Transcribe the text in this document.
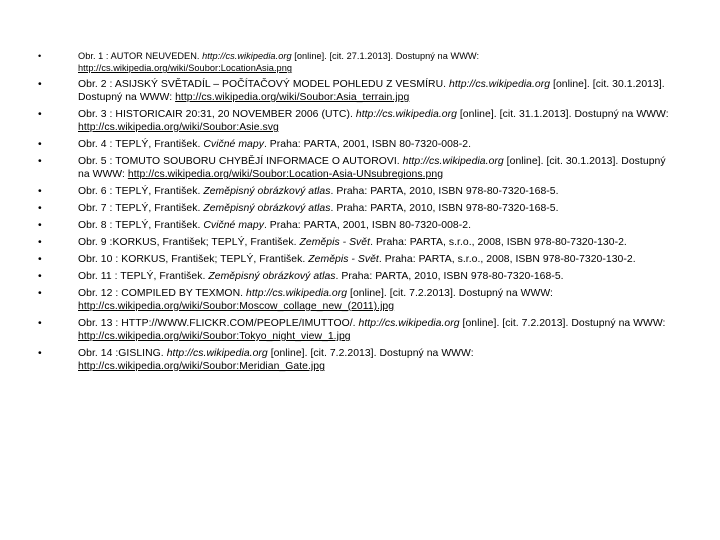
•	Obr. 1 : AUTOR NEUVEDEN. http://cs.wikipedia.org [online]. [cit. 27.1.2013]. Dostupný na WWW: http://cs.wikipedia.org/wiki/Soubor:LocationAsia.png
•	Obr. 2 : ASIJSKÝ SVĚTADÍL – POČÍTAČOVÝ MODEL POHLEDU Z VESMÍRU. http://cs.wikipedia.org [online]. [cit. 30.1.2013]. Dostupný na WWW: http://cs.wikipedia.org/wiki/Soubor:Asia_terrain.jpg
•	Obr. 3 : HISTORICAIR 20:31, 20 NOVEMBER 2006 (UTC). http://cs.wikipedia.org [online]. [cit. 31.1.2013]. Dostupný na WWW: http://cs.wikipedia.org/wiki/Soubor:Asie.svg
•	Obr. 4 : TEPLÝ, František. Cvičné mapy. Praha: PARTA, 2001, ISBN 80-7320-008-2.
•	Obr. 5 : TOMUTO SOUBORU CHYBĚJÍ INFORMACE O AUTOROVI. http://cs.wikipedia.org [online]. [cit. 30.1.2013]. Dostupný na WWW: http://cs.wikipedia.org/wiki/Soubor:Location-Asia-UNsubregions.png
•	Obr. 6 : TEPLÝ, František. Zeměpisný obrázkový atlas. Praha: PARTA, 2010, ISBN 978-80-7320-168-5.
•	Obr. 7 : TEPLÝ, František. Zeměpisný obrázkový atlas. Praha: PARTA, 2010, ISBN 978-80-7320-168-5.
•	Obr. 8 : TEPLÝ, František. Cvičné mapy. Praha: PARTA, 2001, ISBN 80-7320-008-2.
•	Obr. 9 :KORKUS, František; TEPLÝ, František. Zeměpis - Svět. Praha: PARTA, s.r.o., 2008, ISBN 978-80-7320-130-2.
•	Obr. 10 : KORKUS, František; TEPLÝ, František. Zeměpis - Svět. Praha: PARTA, s.r.o., 2008, ISBN 978-80-7320-130-2.
•	Obr. 11 : TEPLÝ, František. Zeměpisný obrázkový atlas. Praha: PARTA, 2010, ISBN 978-80-7320-168-5.
•	Obr. 12 : COMPILED BY TEXMON. http://cs.wikipedia.org [online]. [cit. 7.2.2013]. Dostupný na WWW: http://cs.wikipedia.org/wiki/Soubor:Moscow_collage_new_(2011).jpg
•	Obr. 13 : HTTP://WWW.FLICKR.COM/PEOPLE/IMUTTOO/. http://cs.wikipedia.org [online]. [cit. 7.2.2013]. Dostupný na WWW: http://cs.wikipedia.org/wiki/Soubor:Tokyo_night_view_1.jpg
•	Obr. 14 :GISLING. http://cs.wikipedia.org [online]. [cit. 7.2.2013]. Dostupný na WWW: http://cs.wikipedia.org/wiki/Soubor:Meridian_Gate.jpg
